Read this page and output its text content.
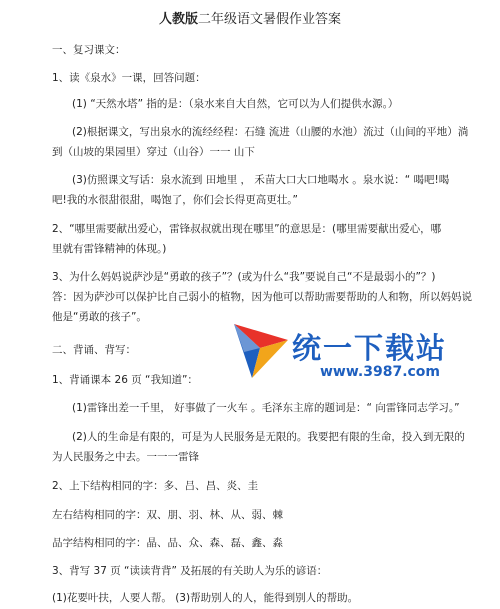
人教版二年级语文暑假作业答案
一、复习课文：
1、读《泉水》一课，回答问题：
(1) “天然水塔” 指的是：（泉水来自大自然，它可以为人们提供水源。）
(2)根据课文，写出泉水的流经经程：石缝 流进（山腰的水池）流过（山间的平地）淌
到（山坡的果园里）穿过（山谷）一一 山下
(3)仿照课文写话：泉水流到 田地里 ， 禾苗大口大口地喝水 。泉水说：“ 喝吧!喝
吧!我的水很甜很甜，喝饱了，你们会长得更高更壮。”
2、“哪里需要献出爱心，雷锋叔叔就出现在哪里”的意思是：(哪里需要献出爱心，哪
里就有雷锋精神的体现。)
3、为什么妈妈说萨沙是“勇敢的孩子”？(或为什么“我”要说自己“不是最弱小的”？)
答：因为萨沙可以保护比自己弱小的植物，因为他可以帮助需要帮助的人和物，所以妈妈说
他是“勇敢的孩子”。
二、背诵、背写：
1、背诵课本 26 页 “我知道”：
(1)雷锋出差一千里， 好事做了一火车 。毛泽东主席的题词是：“ 向雷锋同志学习。”
(2)人的生命是有限的，可是为人民服务是无限的。我要把有限的生命，投入到无限的
为人民服务之中去。一一一雷锋
2、上下结构相同的字：多、吕、昌、炎、圭
左右结构相同的字：双、朋、羽、林、从、弱、棘
品字结构相同的字：晶、品、众、森、磊、鑫、淼
3、背写 37 页 “读读背背” 及拓展的有关助人为乐的谚语：
(1)花要叶扶，人要人帮。 (3)帮助别人的人，能得到别人的帮助。
统一下载站
www.3987.com
